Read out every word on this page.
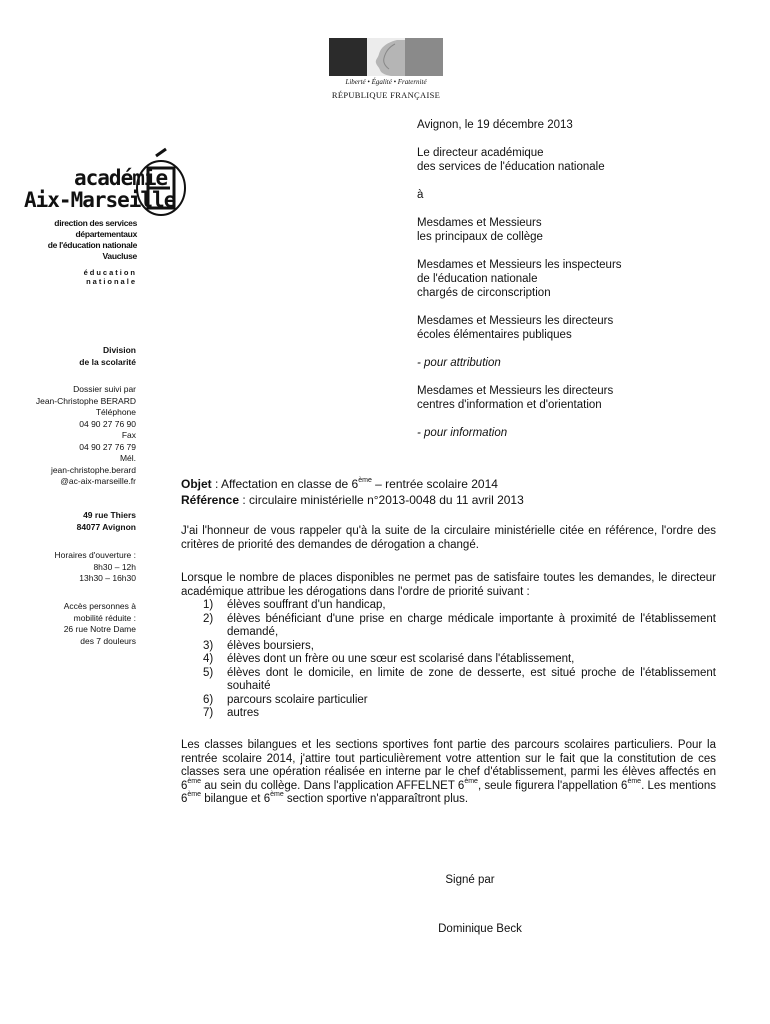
Liberté • Égalité • Fraternité
RÉPUBLIQUE FRANÇAISE
académie
Aix-Marseille
direction des services
départementaux
de l'éducation nationale
Vaucluse
éducation
nationale
Division
de la scolarité
Dossier suivi par
Jean-Christophe BERARD
Téléphone
04 90 27 76 90
Fax
04 90 27 76 79
Mél.
jean-christophe.berard
@ac-aix-marseille.fr
49 rue Thiers
84077 Avignon
Horaires d'ouverture :
8h30 – 12h
13h30 – 16h30
Accès personnes à
mobilité réduite :
26 rue Notre Dame
des 7 douleurs

Avignon, le 19 décembre 2013

Le directeur académique
des services de l'éducation nationale

à

Mesdames et Messieurs
les principaux de collège

Mesdames et Messieurs les inspecteurs
de l'éducation nationale
chargés de circonscription

Mesdames et Messieurs les directeurs
écoles élémentaires publiques

- pour attribution

Mesdames et Messieurs les directeurs
centres d'information et d'orientation

- pour information

Objet : Affectation en classe de 6ème – rentrée scolaire 2014

Référence : circulaire ministérielle n°2013-0048 du 11 avril 2013

J'ai l'honneur de vous rappeler qu'à la suite de la circulaire ministérielle citée en référence, l'ordre des critères de priorité des demandes de dérogation a changé.

Lorsque le nombre de places disponibles ne permet pas de satisfaire toutes les demandes, le directeur académique attribue les dérogations dans l'ordre de priorité suivant :

1) élèves souffrant d'un handicap,
2) élèves bénéficiant d'une prise en charge médicale importante à proximité de l'établissement demandé,
3) élèves boursiers,
4) élèves dont un frère ou une sœur est scolarisé dans l'établissement,
5) élèves dont le domicile, en limite de zone de desserte, est situé proche de l'établissement souhaité
6) parcours scolaire particulier
7) autres
Les classes bilangues et les sections sportives font partie des parcours scolaires particuliers. Pour la rentrée scolaire 2014, j'attire tout particulièrement votre attention sur le fait que la constitution de ces classes sera une opération réalisée en interne par le chef d'établissement, parmi les élèves affectés en 6ème au sein du collège. Dans l'application AFFELNET 6ème, seule figurera l'appellation 6ème. Les mentions 6ème bilangue et 6ème section sportive n'apparaîtront plus.
Signé par
Dominique Beck
